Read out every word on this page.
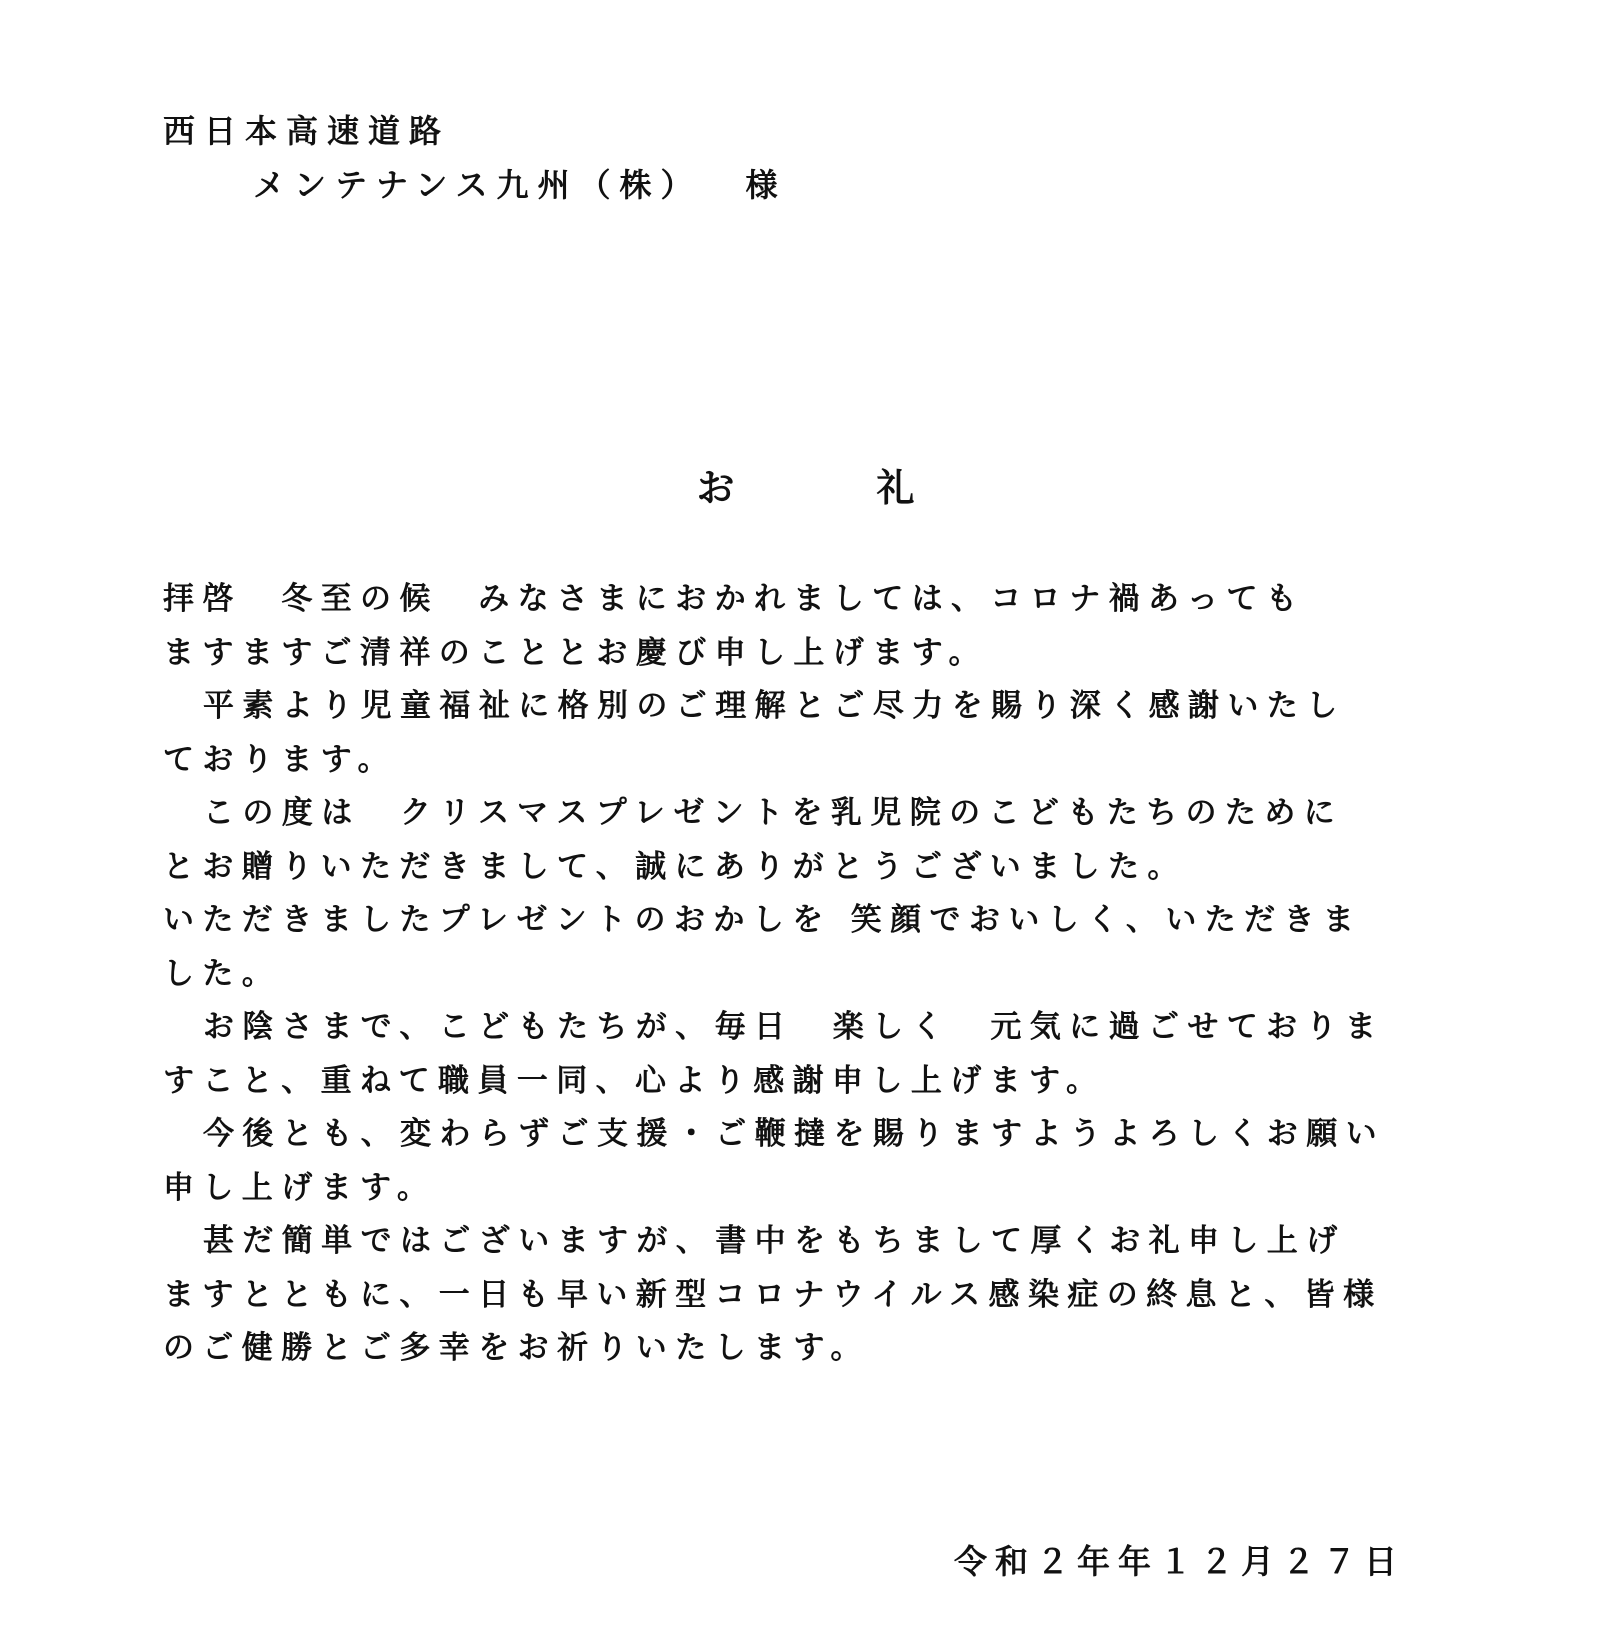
西日本高速道路
メンテナンス九州（株） 様
お　礼

拝啓　冬至の候　みなさまにおかれましては、コロナ禍あっても

ますますご清祥のこととお慶び申し上げます。

平素より児童福祉に格別のご理解とご尽力を賜り深く感謝いたし

ております。

この度は　クリスマスプレゼントを乳児院のこどもたちのために

とお贈りいただきまして、誠にありがとうございました。

いただきましたプレゼントのおかしを 笑顔でおいしく、いただきま

した。

お陰さまで、こどもたちが、毎日　楽しく　元気に過ごせておりま

すこと、重ねて職員一同、心より感謝申し上げます。

今後とも、変わらずご支援・ご鞭撻を賜りますようよろしくお願い

申し上げます。

甚だ簡単ではございますが、書中をもちまして厚くお礼申し上げ

ますとともに、一日も早い新型コロナウイルス感染症の終息と、皆様

のご健勝とご多幸をお祈りいたします。

令和２年年１２月２７日
